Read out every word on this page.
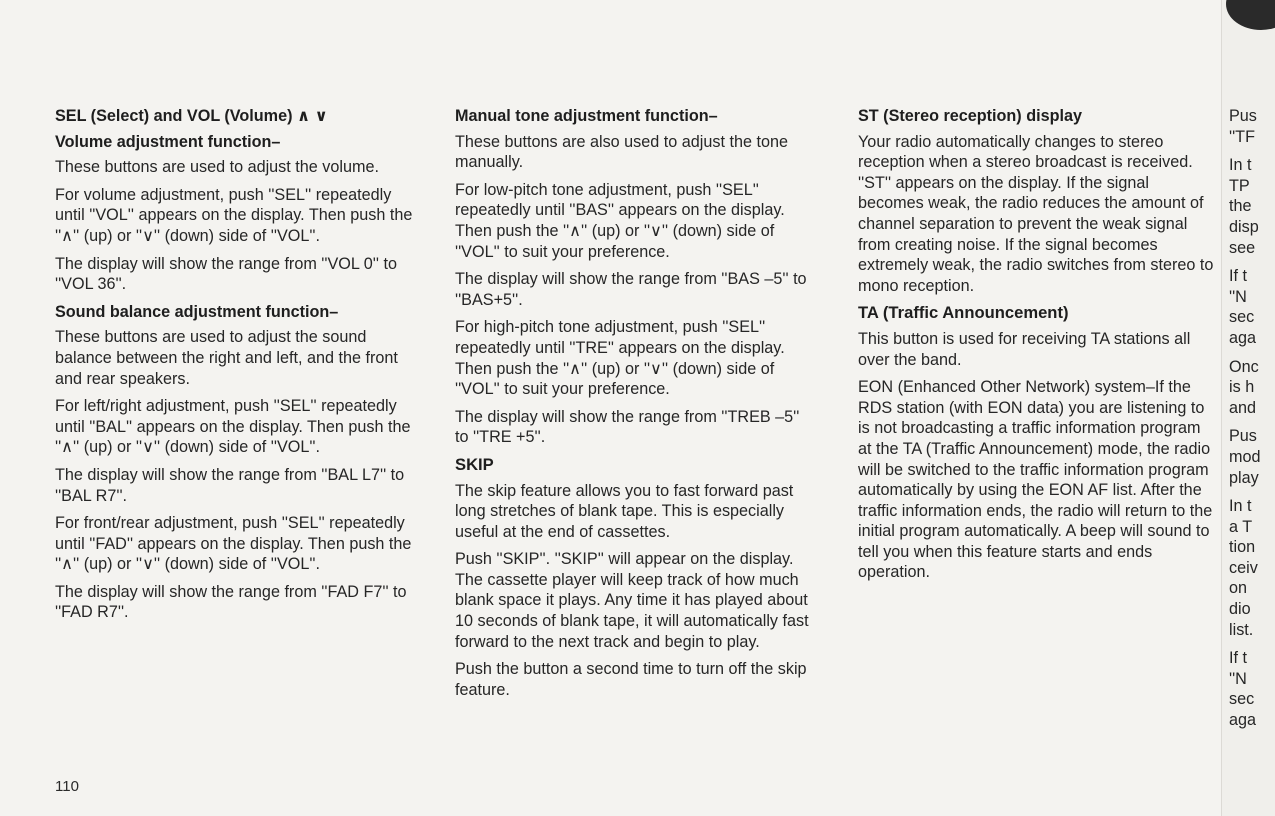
SEL (Select) and VOL (Volume) ∧ ∨
Volume adjustment function–

These buttons are used to adjust the volume.

For volume adjustment, push ''SEL'' repeatedly until ''VOL'' appears on the display. Then push the ''∧'' (up) or ''∨'' (down) side of ''VOL''.

The display will show the range from ''VOL 0'' to ''VOL 36''.

Sound balance adjustment function–

These buttons are used to adjust the sound balance between the right and left, and the front and rear speakers.

For left/right adjustment, push ''SEL'' repeatedly until ''BAL'' appears on the display. Then push the ''∧'' (up) or ''∨'' (down) side of ''VOL''.

The display will show the range from ''BAL L7'' to ''BAL R7''.

For front/rear adjustment, push ''SEL'' repeatedly until ''FAD'' appears on the display. Then push the ''∧'' (up) or ''∨'' (down) side of ''VOL''.

The display will show the range from ''FAD F7'' to ''FAD R7''.

Manual tone adjustment function–

These buttons are also used to adjust the tone manually.

For low-pitch tone adjustment, push ''SEL'' repeatedly until ''BAS'' appears on the display. Then push the ''∧'' (up) or ''∨'' (down) side of ''VOL'' to suit your preference.

The display will show the range from ''BAS –5'' to ''BAS+5''.

For high-pitch tone adjustment, push ''SEL'' repeatedly until ''TRE'' appears on the display. Then push the ''∧'' (up) or ''∨'' (down) side of ''VOL'' to suit your preference.

The display will show the range from ''TREB –5'' to ''TRE +5''.

SKIP

The skip feature allows you to fast forward past long stretches of blank tape. This is especially useful at the end of cassettes.

Push ''SKIP''. ''SKIP'' will appear on the display. The cassette player will keep track of how much blank space it plays. Any time it has played about 10 seconds of blank tape, it will automatically fast forward to the next track and begin to play.

Push the button a second time to turn off the skip feature.

ST (Stereo reception) display

Your radio automatically changes to stereo reception when a stereo broadcast is received. ''ST'' appears on the display. If the signal becomes weak, the radio reduces the amount of channel separation to prevent the weak signal from creating noise. If the signal becomes extremely weak, the radio switches from stereo to mono reception.

TA (Traffic Announcement)

This button is used for receiving TA stations all over the band.

EON (Enhanced Other Network) system–If the RDS station (with EON data) you are listening to is not broadcasting a traffic information program at the TA (Traffic Announcement) mode, the radio will be switched to the traffic information program automatically by using the EON AF list. After the traffic information ends, the radio will return to the initial program automatically. A beep will sound to tell you when this feature starts and ends operation.

Pus
''TF
In t
TP
the
disp
see
If t
''N
sec
aga
Onc
is h
and
Pus
mod
play
In t
a T
tion
ceiv
on
dio
list.
If t
''N
sec
aga
110
